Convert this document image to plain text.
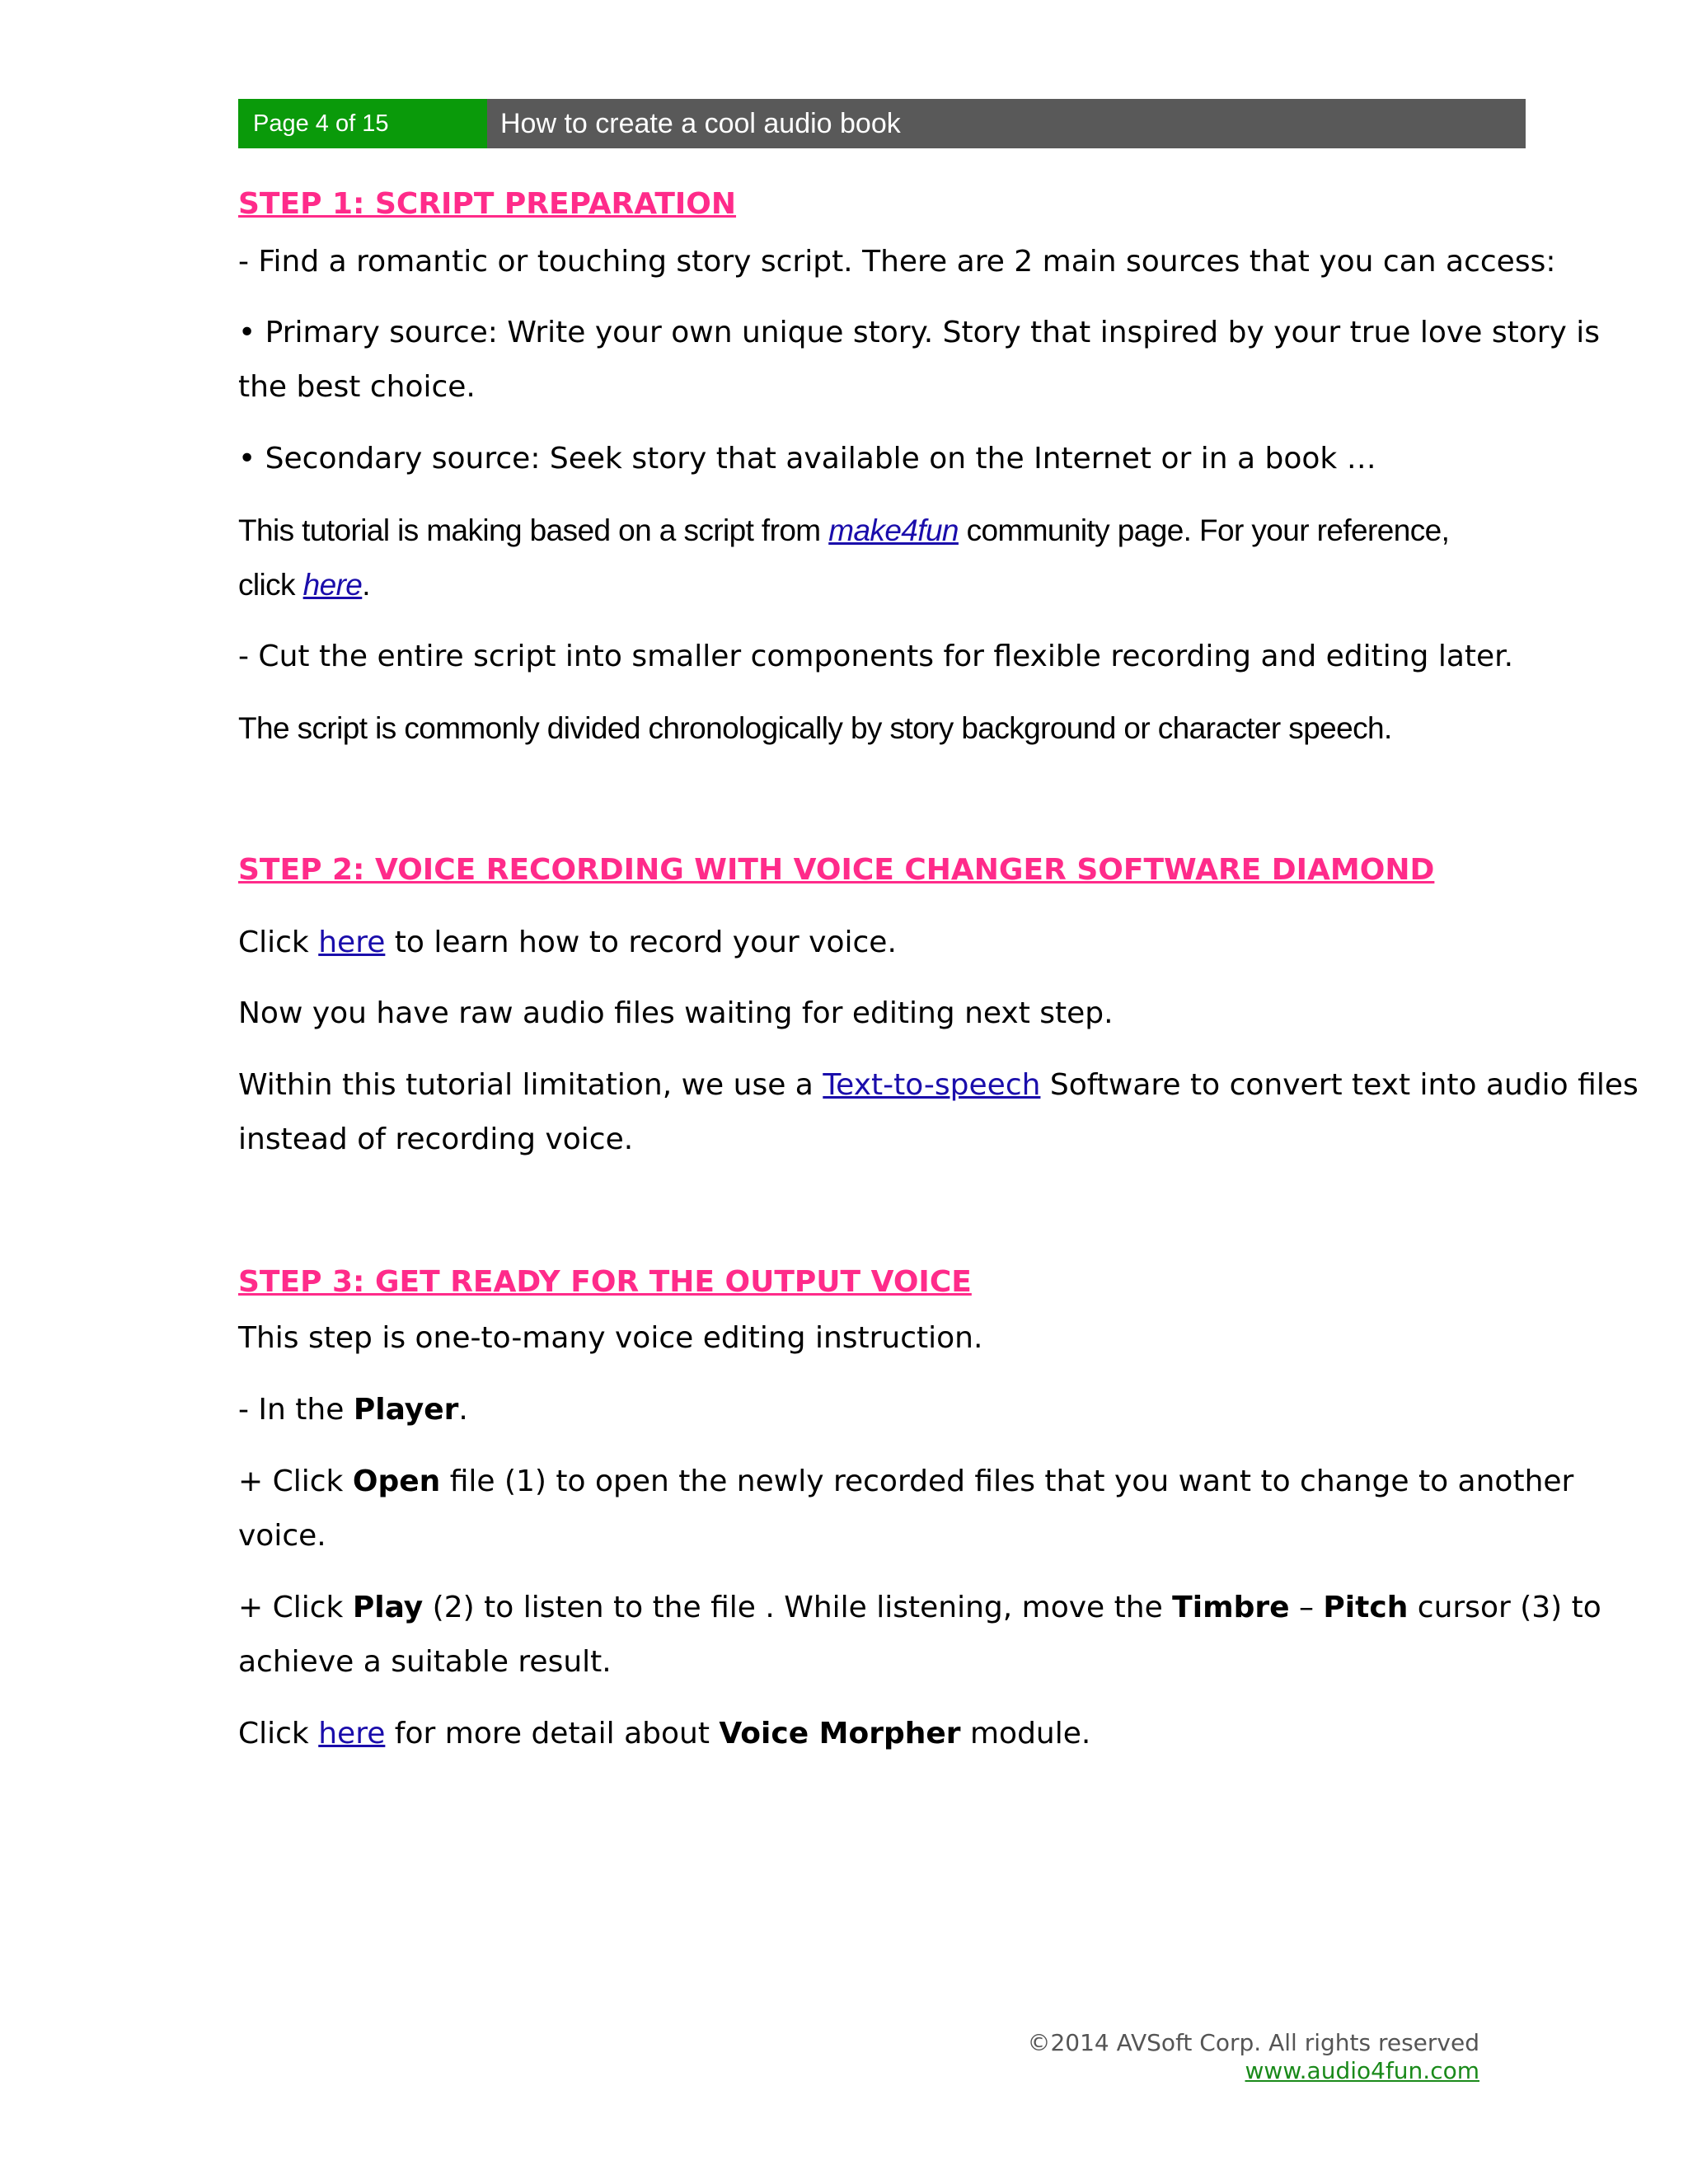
Page 4 of 15	How to create a cool audio book
STEP 1: SCRIPT PREPARATION
- Find a romantic or touching story script. There are 2 main sources that you can access:
• Primary source: Write your own unique story. Story that inspired by your true love story is
the best choice.
• Secondary source: Seek story that available on the Internet or in a book …
This tutorial is making based on a script from make4fun community page. For your reference,
click here.
- Cut the entire script into smaller components for flexible recording and editing later.
The script is commonly divided chronologically by story background or character speech.
STEP 2: VOICE RECORDING WITH VOICE CHANGER SOFTWARE DIAMOND
Click here to learn how to record your voice.
Now you have raw audio files waiting for editing next step.
Within this tutorial limitation, we use a Text-to-speech Software to convert text into audio files
instead of recording voice.
STEP 3: GET READY FOR THE OUTPUT VOICE
This step is one-to-many voice editing instruction.
- In the Player.
+ Click Open file (1) to open the newly recorded files that you want to change to another
voice.
+ Click Play (2) to listen to the file . While listening, move the Timbre – Pitch cursor (3) to
achieve a suitable result.
Click here for more detail about Voice Morpher module.
©2014 AVSoft Corp. All rights reserved
www.audio4fun.com
